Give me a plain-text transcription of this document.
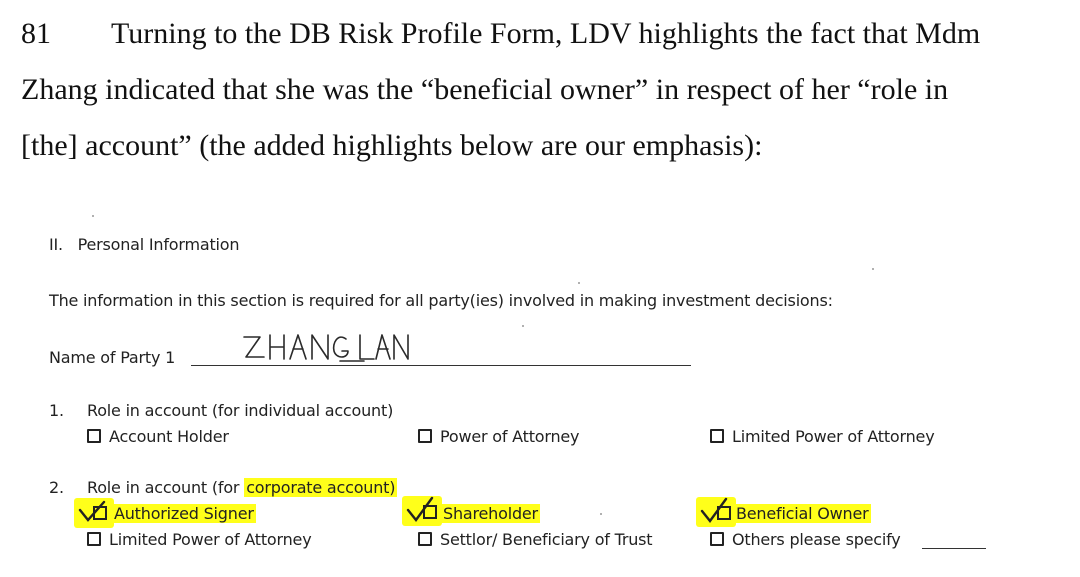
81 Turning to the DB Risk Profile Form, LDV highlights the fact that Mdm
Zhang indicated that she was the “beneficial owner” in respect of her “role in
[the] account” (the added highlights below are our emphasis):
II. Personal Information
The information in this section is required for all party(ies) involved in making investment decisions:
Name of Party 1
ZHANG LAN
1. Role in account (for individual account)
Account Holder	Power of Attorney	Limited Power of Attorney
2. Role in account (for corporate account)
Authorized Signer	Shareholder	Beneficial Owner
Limited Power of Attorney	Settlor/ Beneficiary of Trust	Others please specify
